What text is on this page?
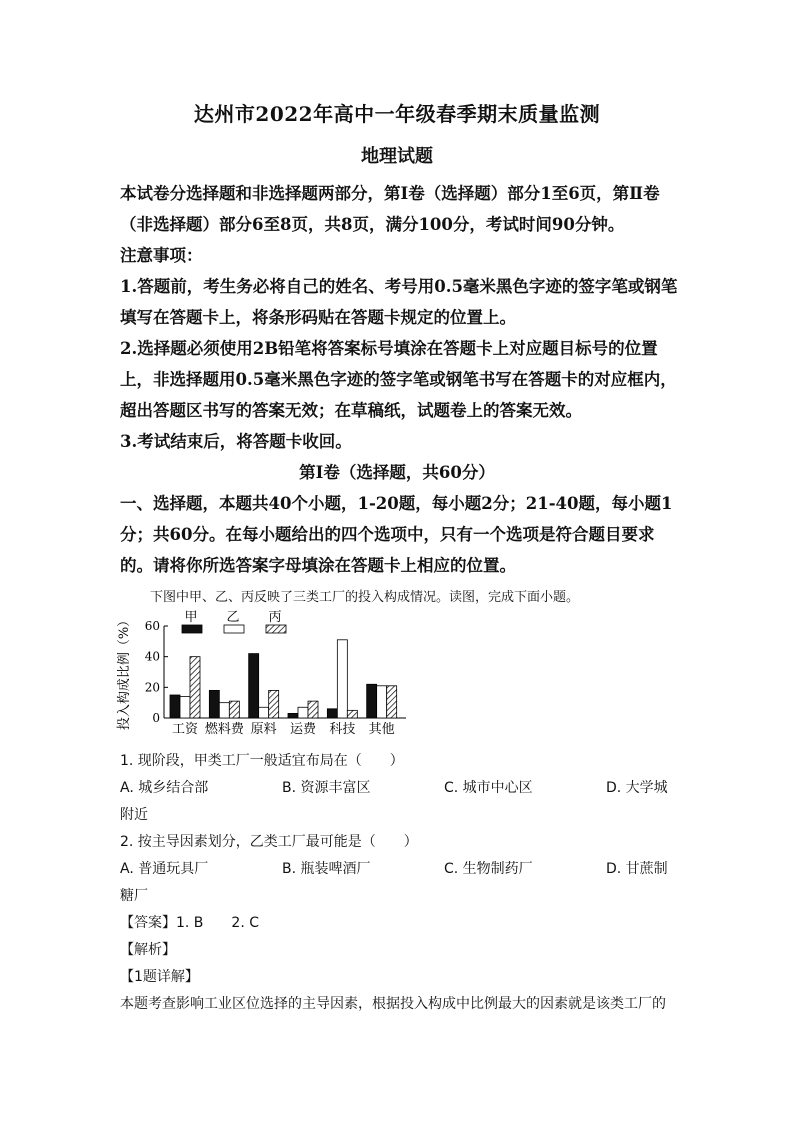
达州市2022年高中一年级春季期末质量监测
地理试题
本试卷分选择题和非选择题两部分，第Ⅰ卷（选择题）部分1至6页，第Ⅱ卷
（非选择题）部分6至8页，共8页，满分100分，考试时间90分钟。
注意事项：
1.答题前，考生务必将自己的姓名、考号用0.5毫米黑色字迹的签字笔或钢笔
填写在答题卡上，将条形码贴在答题卡规定的位置上。
2.选择题必须使用2B铅笔将答案标号填涂在答题卡上对应题目标号的位置
上，非选择题用0.5毫米黑色字迹的签字笔或钢笔书写在答题卡的对应框内，
超出答题区书写的答案无效；在草稿纸，试题卷上的答案无效。
3.考试结束后，将答题卡收回。
第Ⅰ卷（选择题，共60分）
一、选择题，本题共40个小题，1-20题，每小题2分；21-40题，每小题1
分；共60分。在每小题给出的四个选项中，只有一个选项是符合题目要求
的。请将你所选答案字母填涂在答题卡上相应的位置。
下图中甲、乙、丙反映了三类工厂的投入构成情况。读图，完成下面小题。
投入构成比例（%） 0
20
40
60
甲 乙 丙
工资 燃料费 原料 运费 科技 其他
1. 现阶段，甲类工厂一般适宜布局在（　　）
A. 城乡结合部	B. 资源丰富区	C. 城市中心区	D. 大学城
附近
2. 按主导因素划分，乙类工厂最可能是（　　）
A. 普通玩具厂	B. 瓶装啤酒厂	C. 生物制药厂	D. 甘蔗制
糖厂
【答案】1. B　　2. C
【解析】
【1题详解】
本题考查影响工业区位选择的主导因素，根据投入构成中比例最大的因素就是该类工厂的
